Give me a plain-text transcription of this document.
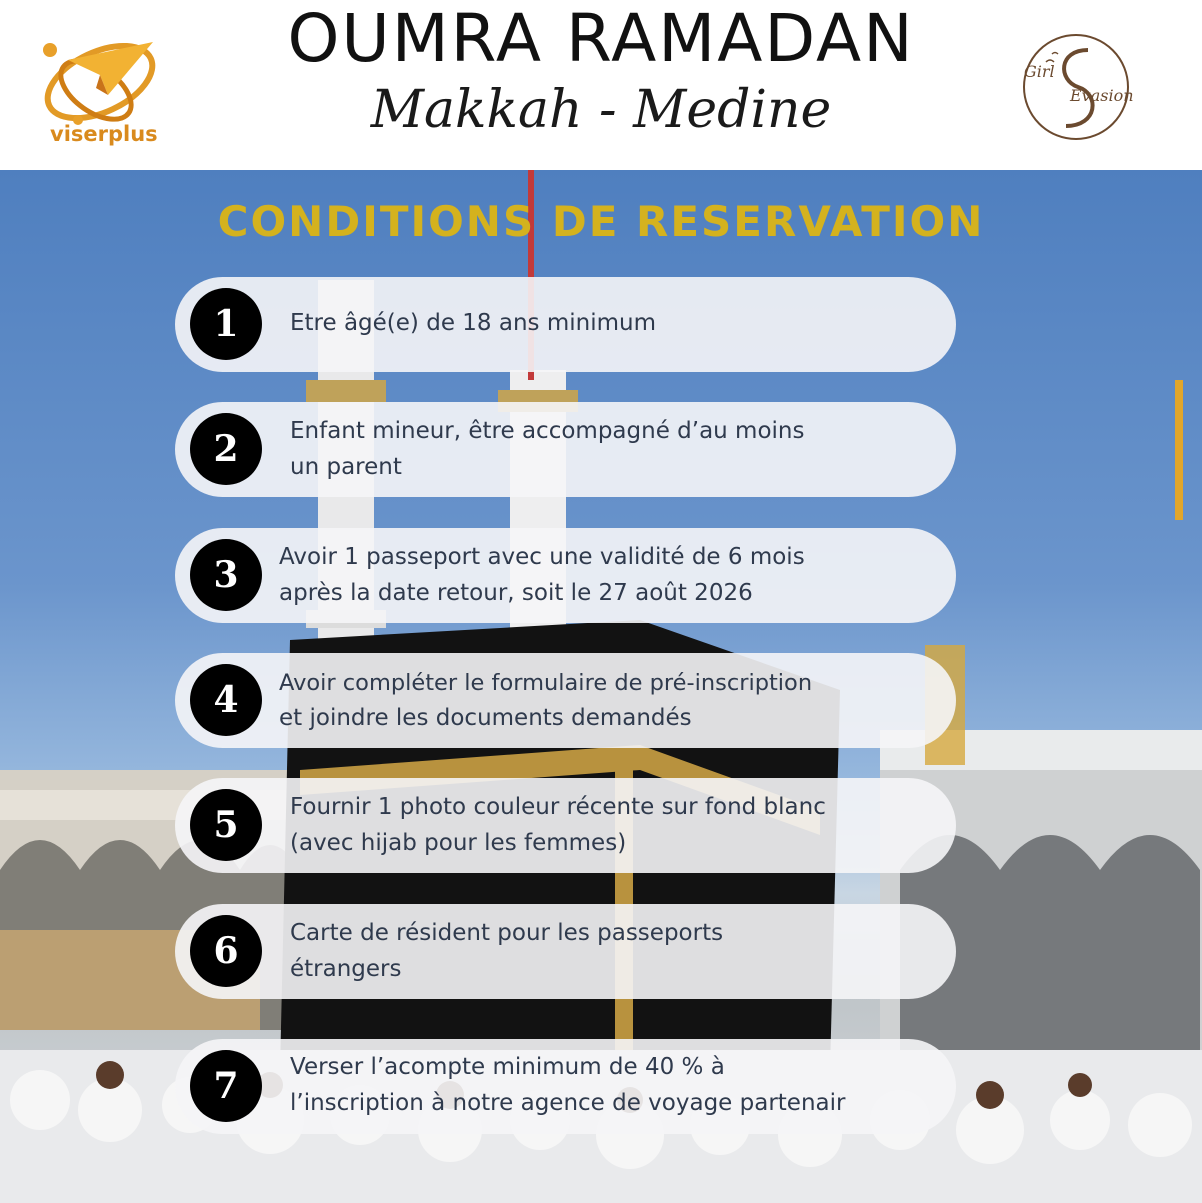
viserplus
OUMRA RAMADAN
Makkah - Medine
Girl
Evasion
CONDITIONS DE RESERVATION
1	Etre âgé(e) de 18 ans minimum
2	Enfant mineur, être accompagné d’au moins
un parent
3	Avoir 1 passeport avec une validité de 6 mois
après la date retour, soit le 27 août 2026
4	Avoir compléter le formulaire de pré-inscription
et joindre les documents demandés
5	Fournir 1 photo couleur récente sur fond blanc
(avec hijab pour les femmes)
6	Carte de résident pour les passeports
étrangers
7	Verser l’acompte minimum de 40 % à
l’inscription à notre agence de voyage partenair
